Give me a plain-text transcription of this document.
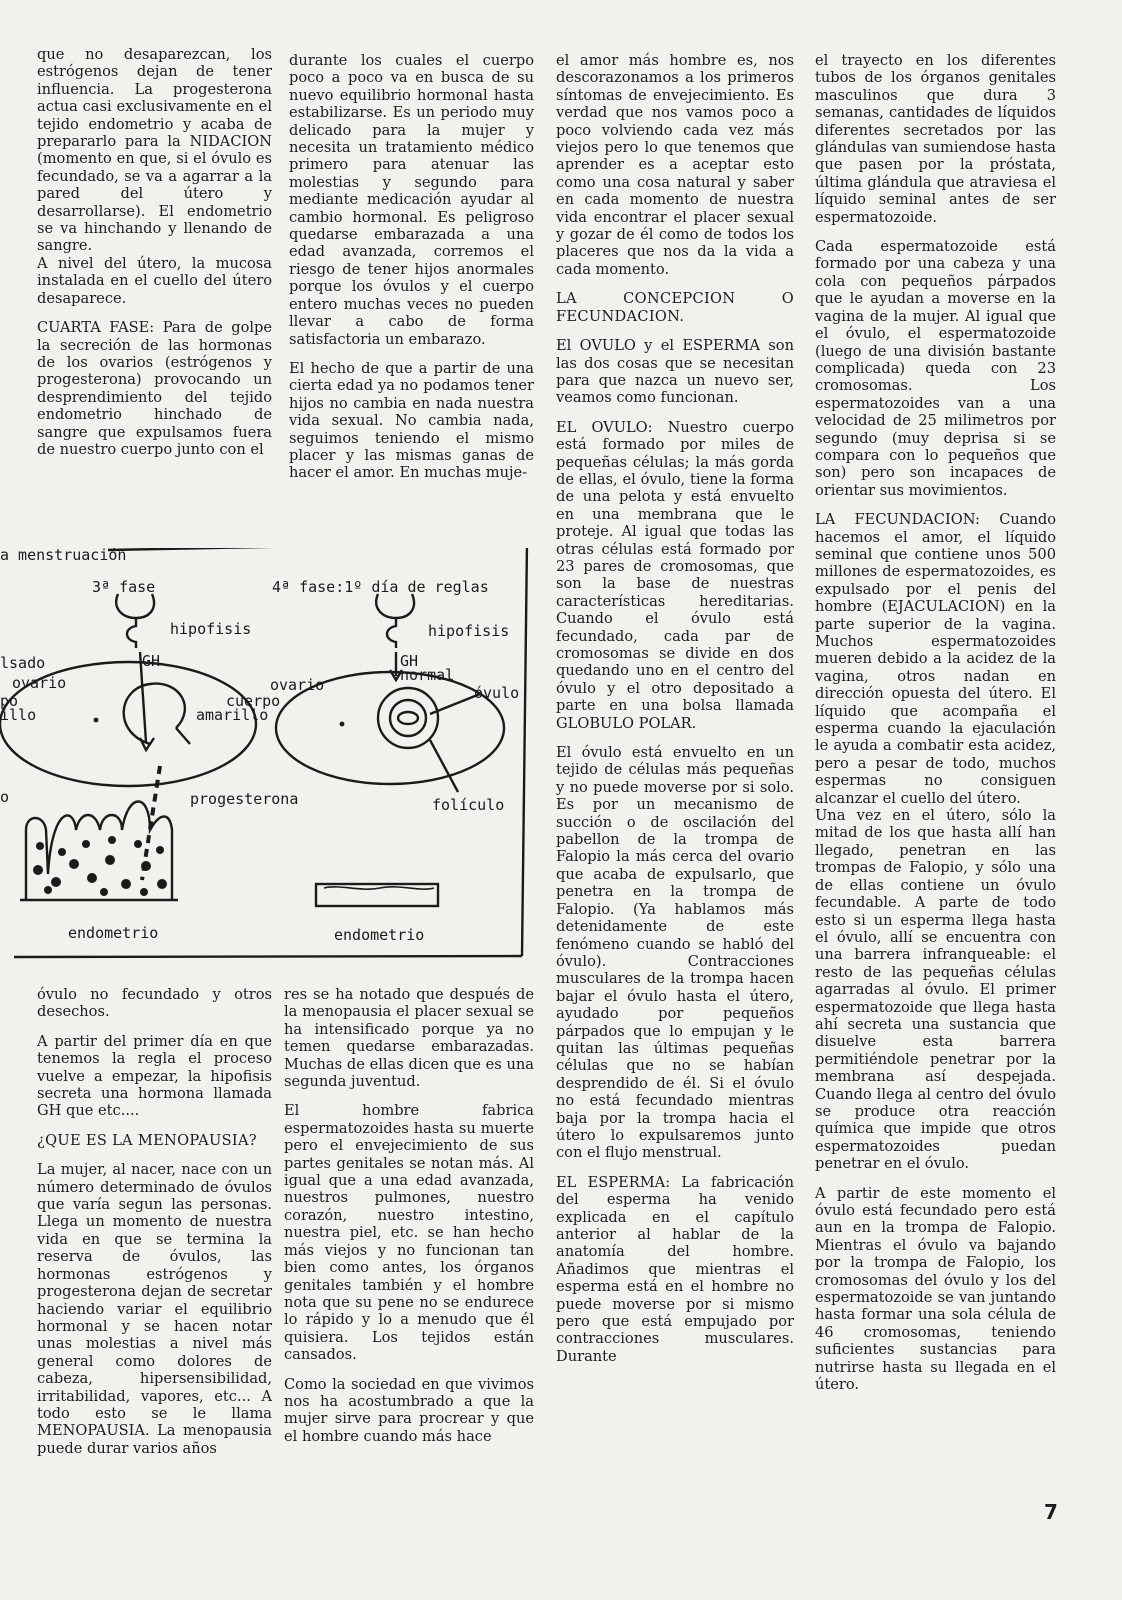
que no desaparezcan, los estrógenos dejan de tener influencia. La progesterona actua casi exclusivamente en el tejido endometrio y acaba de prepararlo para la NIDACION (momento en que, si el óvulo es fecundado, se va a agarrar a la pared del útero y desarrollarse). El endometrio se va hinchando y llenando de sangre.

A nivel del útero, la mucosa instalada en el cuello del útero desaparece.

CUARTA FASE: Para de golpe la secreción de las hormonas de los ovarios (estrógenos y progesterona) provocando un desprendimiento del tejido endometrio hinchado de sangre que expulsamos fuera de nuestro cuerpo junto con el

a menstruación
3ª fase	4ª fase:1º día de reglas
hipofisis	hipofisis
GH	GH
normal
óvulo
lsado
ovario	ovario
po
illo
cuerpo
amarillo
progesterona
o	folículo
endometrio	endometrio

óvulo no fecundado y otros desechos.

A partir del primer día en que tenemos la regla el proceso vuelve a empezar, la hipofisis secreta una hormona llamada GH que etc....

¿QUE ES LA MENOPAUSIA?

La mujer, al nacer, nace con un número determinado de óvulos que varía segun las personas. Llega un momento de nuestra vida en que se termina la reserva de óvulos, las hormonas estrógenos y progesterona dejan de secretar haciendo variar el equilibrio hormonal y se hacen notar unas molestias a nivel más general como dolores de cabeza, hipersensibilidad, irritabilidad, vapores, etc... A todo esto se le llama MENOPAUSIA. La menopausia puede durar varios años

durante los cuales el cuerpo poco a poco va en busca de su nuevo equilibrio hormonal hasta estabilizarse. Es un periodo muy delicado para la mujer y necesita un tratamiento médico primero para atenuar las molestias y segundo para mediante medicación ayudar al cambio hormonal. Es peligroso quedarse embarazada a una edad avanzada, corremos el riesgo de tener hijos anormales porque los óvulos y el cuerpo entero muchas veces no pueden llevar a cabo de forma satisfactoria un embarazo.

El hecho de que a partir de una cierta edad ya no podamos tener hijos no cambia en nada nuestra vida sexual. No cambia nada, seguimos teniendo el mismo placer y las mismas ganas de hacer el amor. En muchas muje-

res se ha notado que después de la menopausia el placer sexual se ha intensificado porque ya no temen quedarse embarazadas. Muchas de ellas dicen que es una segunda juventud.

El hombre fabrica espermatozoides hasta su muerte pero el envejecimiento de sus partes genitales se notan más. Al igual que a una edad avanzada, nuestros pulmones, nuestro corazón, nuestro intestino, nuestra piel, etc. se han hecho más viejos y no funcionan tan bien como antes, los órganos genitales también y el hombre nota que su pene no se endurece lo rápido y lo a menudo que él quisiera. Los tejidos están cansados.

Como la sociedad en que vivimos nos ha acostumbrado a que la mujer sirve para procrear y que el hombre cuando más hace

el amor más hombre es, nos descorazonamos a los primeros síntomas de envejecimiento. Es verdad que nos vamos poco a poco volviendo cada vez más viejos pero lo que tenemos que aprender es a aceptar esto como una cosa natural y saber en cada momento de nuestra vida encontrar el placer sexual y gozar de él como de todos los placeres que nos da la vida a cada momento.

LA CONCEPCION O FECUNDACION.

El OVULO y el ESPERMA son las dos cosas que se necesitan para que nazca un nuevo ser, veamos como funcionan.

EL OVULO: Nuestro cuerpo está formado por miles de pequeñas células; la más gorda de ellas, el óvulo, tiene la forma de una pelota y está envuelto en una membrana que le proteje. Al igual que todas las otras células está formado por 23 pares de cromosomas, que son la base de nuestras características hereditarias. Cuando el óvulo está fecundado, cada par de cromosomas se divide en dos quedando uno en el centro del óvulo y el otro depositado a parte en una bolsa llamada GLOBULO POLAR.

El óvulo está envuelto en un tejido de células más pequeñas y no puede moverse por si solo. Es por un mecanismo de succión o de oscilación del pabellon de la trompa de Falopio la más cerca del ovario que acaba de expulsarlo, que penetra en la trompa de Falopio. (Ya hablamos más detenidamente de este fenómeno cuando se habló del óvulo). Contracciones musculares de la trompa hacen bajar el óvulo hasta el útero, ayudado por pequeños párpados que lo empujan y le quitan las últimas pequeñas células que no se habían desprendido de él. Si el óvulo no está fecundado mientras baja por la trompa hacia el útero lo expulsaremos junto con el flujo menstrual.

EL ESPERMA: La fabricación del esperma ha venido explicada en el capítulo anterior al hablar de la anatomía del hombre. Añadimos que mientras el esperma está en el hombre no puede moverse por si mismo pero que está empujado por contracciones musculares. Durante

el trayecto en los diferentes tubos de los órganos genitales masculinos que dura 3 semanas, cantidades de líquidos diferentes secretados por las glándulas van sumiendose hasta que pasen por la próstata, última glándula que atraviesa el líquido seminal antes de ser espermatozoide.

Cada espermatozoide está formado por una cabeza y una cola con pequeños párpados que le ayudan a moverse en la vagina de la mujer. Al igual que el óvulo, el espermatozoide (luego de una división bastante complicada) queda con 23 cromosomas. Los espermatozoides van a una velocidad de 25 milimetros por segundo (muy deprisa si se compara con lo pequeños que son) pero son incapaces de orientar sus movimientos.

LA FECUNDACION: Cuando hacemos el amor, el líquido seminal que contiene unos 500 millones de espermatozoides, es expulsado por el penis del hombre (EJACULACION) en la parte superior de la vagina. Muchos espermatozoides mueren debido a la acidez de la vagina, otros nadan en dirección opuesta del útero. El líquido que acompaña el esperma cuando la ejaculación le ayuda a combatir esta acidez, pero a pesar de todo, muchos espermas no consiguen alcanzar el cuello del útero.

Una vez en el útero, sólo la mitad de los que hasta allí han llegado, penetran en las trompas de Falopio, y sólo una de ellas contiene un óvulo fecundable. A parte de todo esto si un esperma llega hasta el óvulo, allí se encuentra con una barrera infranqueable: el resto de las pequeñas células agarradas al óvulo. El primer espermatozoide que llega hasta ahí secreta una sustancia que disuelve esta barrera permitiéndole penetrar por la membrana así despejada. Cuando llega al centro del óvulo se produce otra reacción química que impide que otros espermatozoides puedan penetrar en el óvulo.

A partir de este momento el óvulo está fecundado pero está aun en la trompa de Falopio. Mientras el óvulo va bajando por la trompa de Falopio, los cromosomas del óvulo y los del espermatozoide se van juntando hasta formar una sola célula de 46 cromosomas, teniendo suficientes sustancias para nutrirse hasta su llegada en el útero.

7
